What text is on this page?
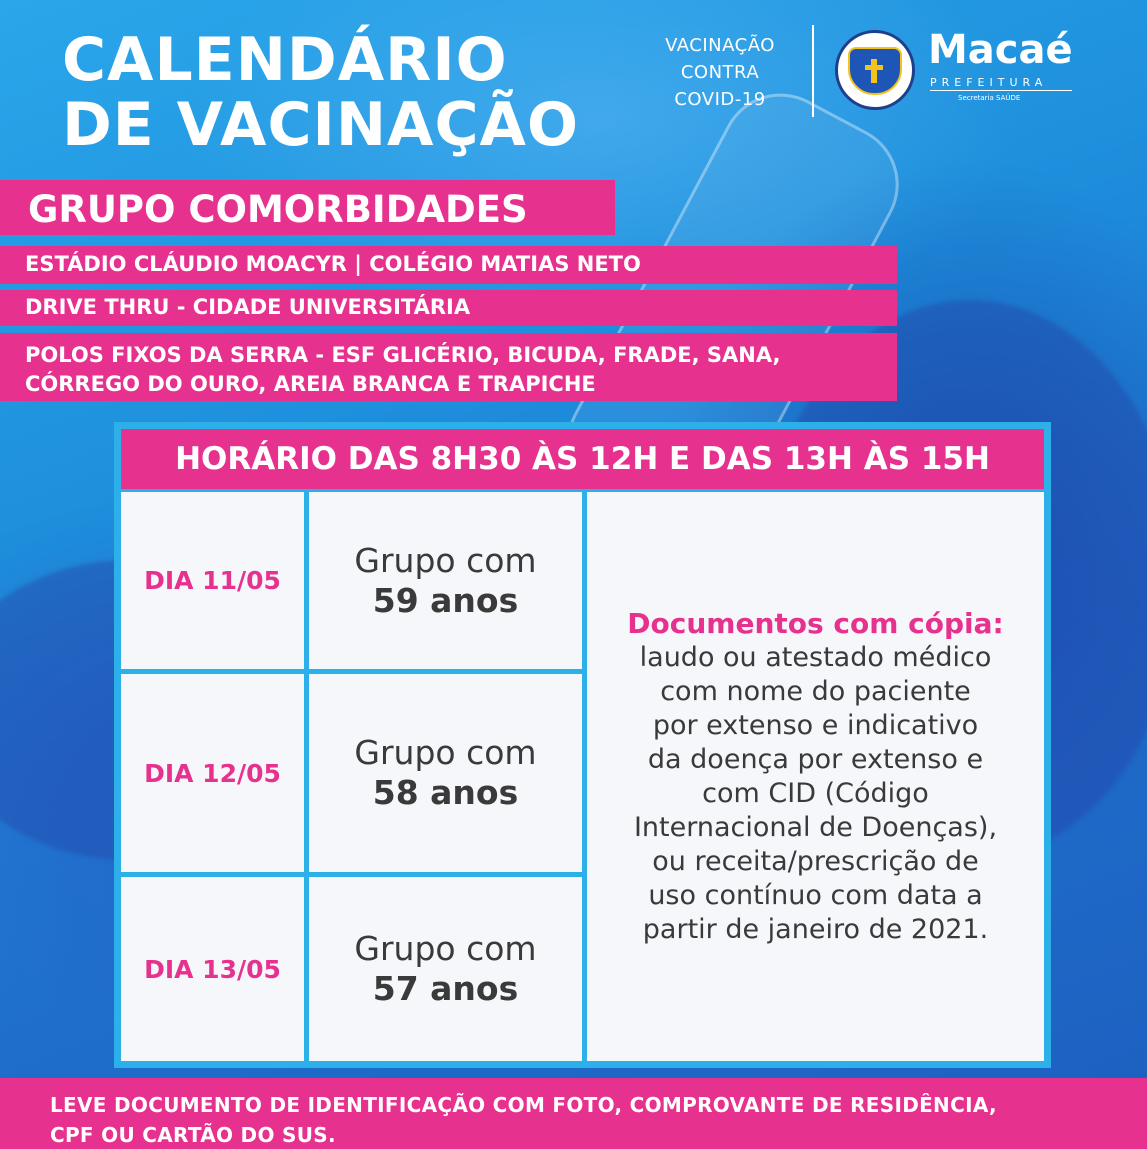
CALENDÁRIO
DE VACINAÇÃO
VACINAÇÃO
CONTRA
COVID-19
Macaé
PREFEITURA
Secretaria SAÚDE
GRUPO COMORBIDADES
ESTÁDIO CLÁUDIO MOACYR | COLÉGIO MATIAS NETO
DRIVE THRU - CIDADE UNIVERSITÁRIA
POLOS FIXOS DA SERRA - ESF GLICÉRIO, BICUDA, FRADE, SANA,
CÓRREGO DO OURO, AREIA BRANCA E TRAPICHE
HORÁRIO DAS 8H30 ÀS 12H E DAS 13H ÀS 15H
DIA 11/05
Grupo com
59 anos
DIA 12/05
Grupo com
58 anos
DIA 13/05
Grupo com
57 anos
Documentos com cópia:
laudo ou atestado médico
com nome do paciente
por extenso e indicativo
da doença por extenso e
com CID (Código
Internacional de Doenças),
ou receita/prescrição de
uso contínuo com data a
partir de janeiro de 2021.
LEVE DOCUMENTO DE IDENTIFICAÇÃO COM FOTO, COMPROVANTE DE RESIDÊNCIA,
CPF OU CARTÃO DO SUS.
